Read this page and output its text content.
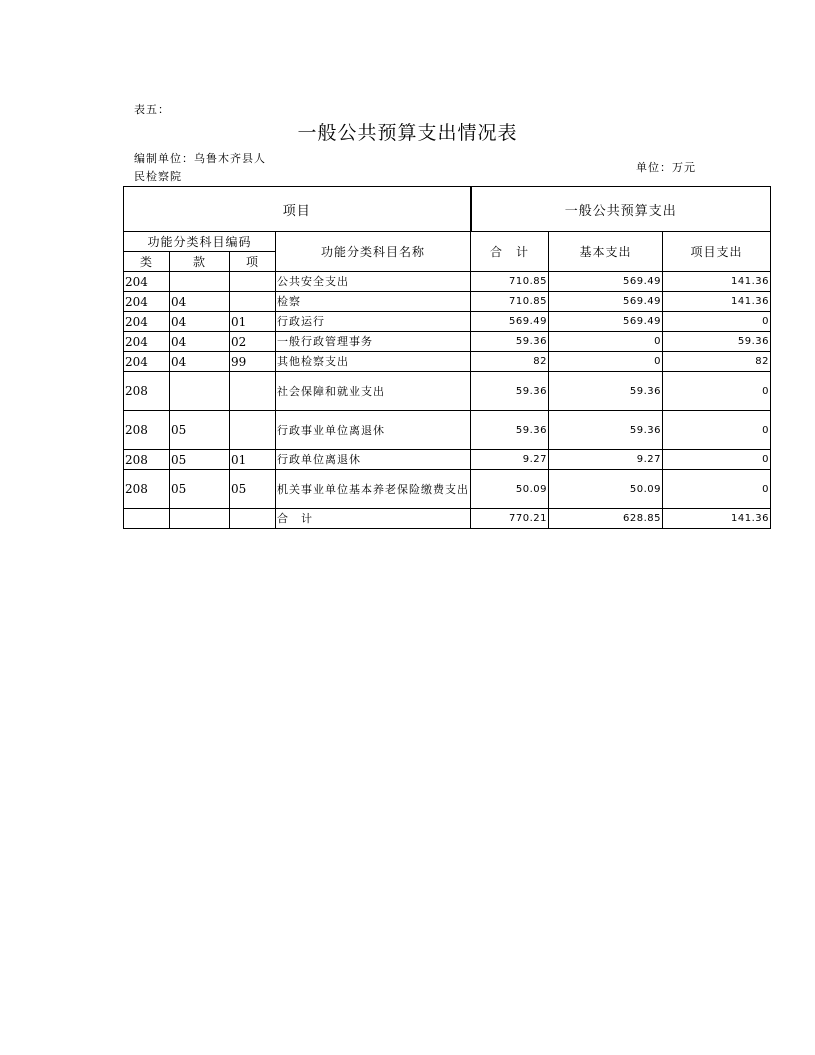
表五：
一般公共预算支出情况表
编制单位：乌鲁木齐县人
民检察院
单位：万元
项目				一般公共预算支出		
功能分类科目编码			功能分类科目名称	合　计	基本支出	项目支出
类	款	项				
204			公共安全支出	710.85	569.49	141.36
204	04		检察	710.85	569.49	141.36
204	04	01	行政运行	569.49	569.49	0
204	04	02	一般行政管理事务	59.36	0	59.36
204	04	99	其他检察支出	82	0	82
208			社会保障和就业支出	59.36	59.36	0
208	05		行政事业单位离退休	59.36	59.36	0
208	05	01	行政单位离退休	9.27	9.27	0
208	05	05	机关事业单位基本养老保险缴费支出	50.09	50.09	0
			合　计	770.21	628.85	141.36
